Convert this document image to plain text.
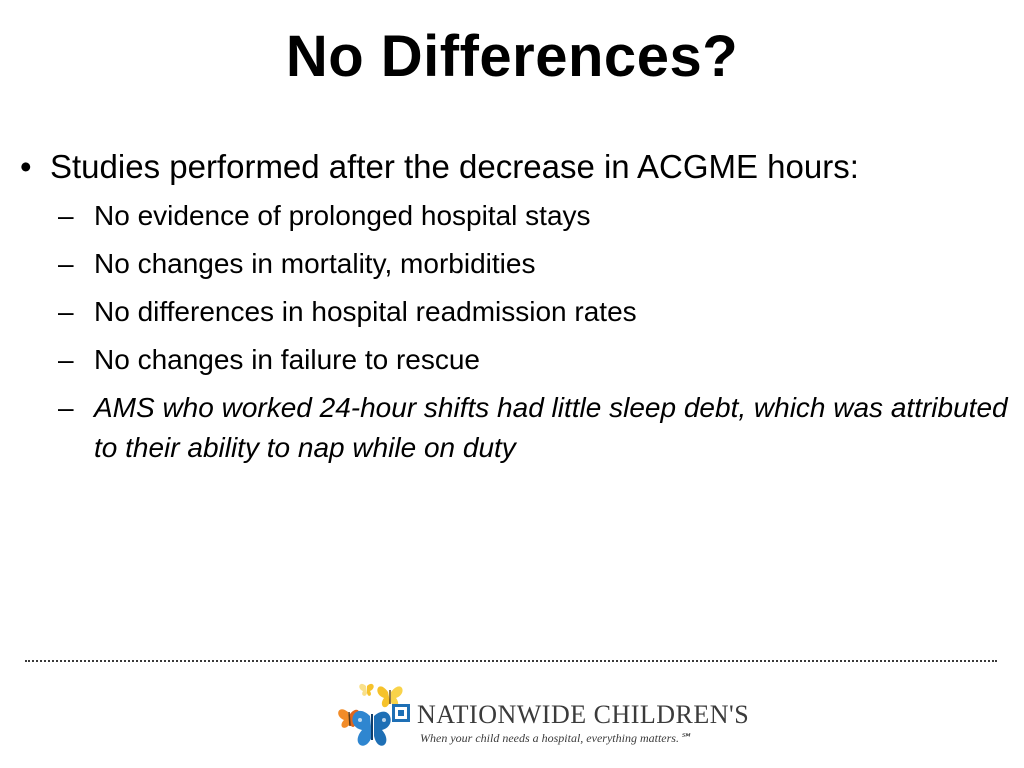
No Differences?
• Studies performed after the decrease in ACGME hours:
– No evidence of prolonged hospital stays
– No changes in mortality, morbidities
– No differences in hospital readmission rates
– No changes in failure to rescue
– AMS who worked 24-hour shifts had little sleep debt, which was attributed to their ability to nap while on duty
NATIONWIDE CHILDREN'S
When your child needs a hospital, everything matters.℠
